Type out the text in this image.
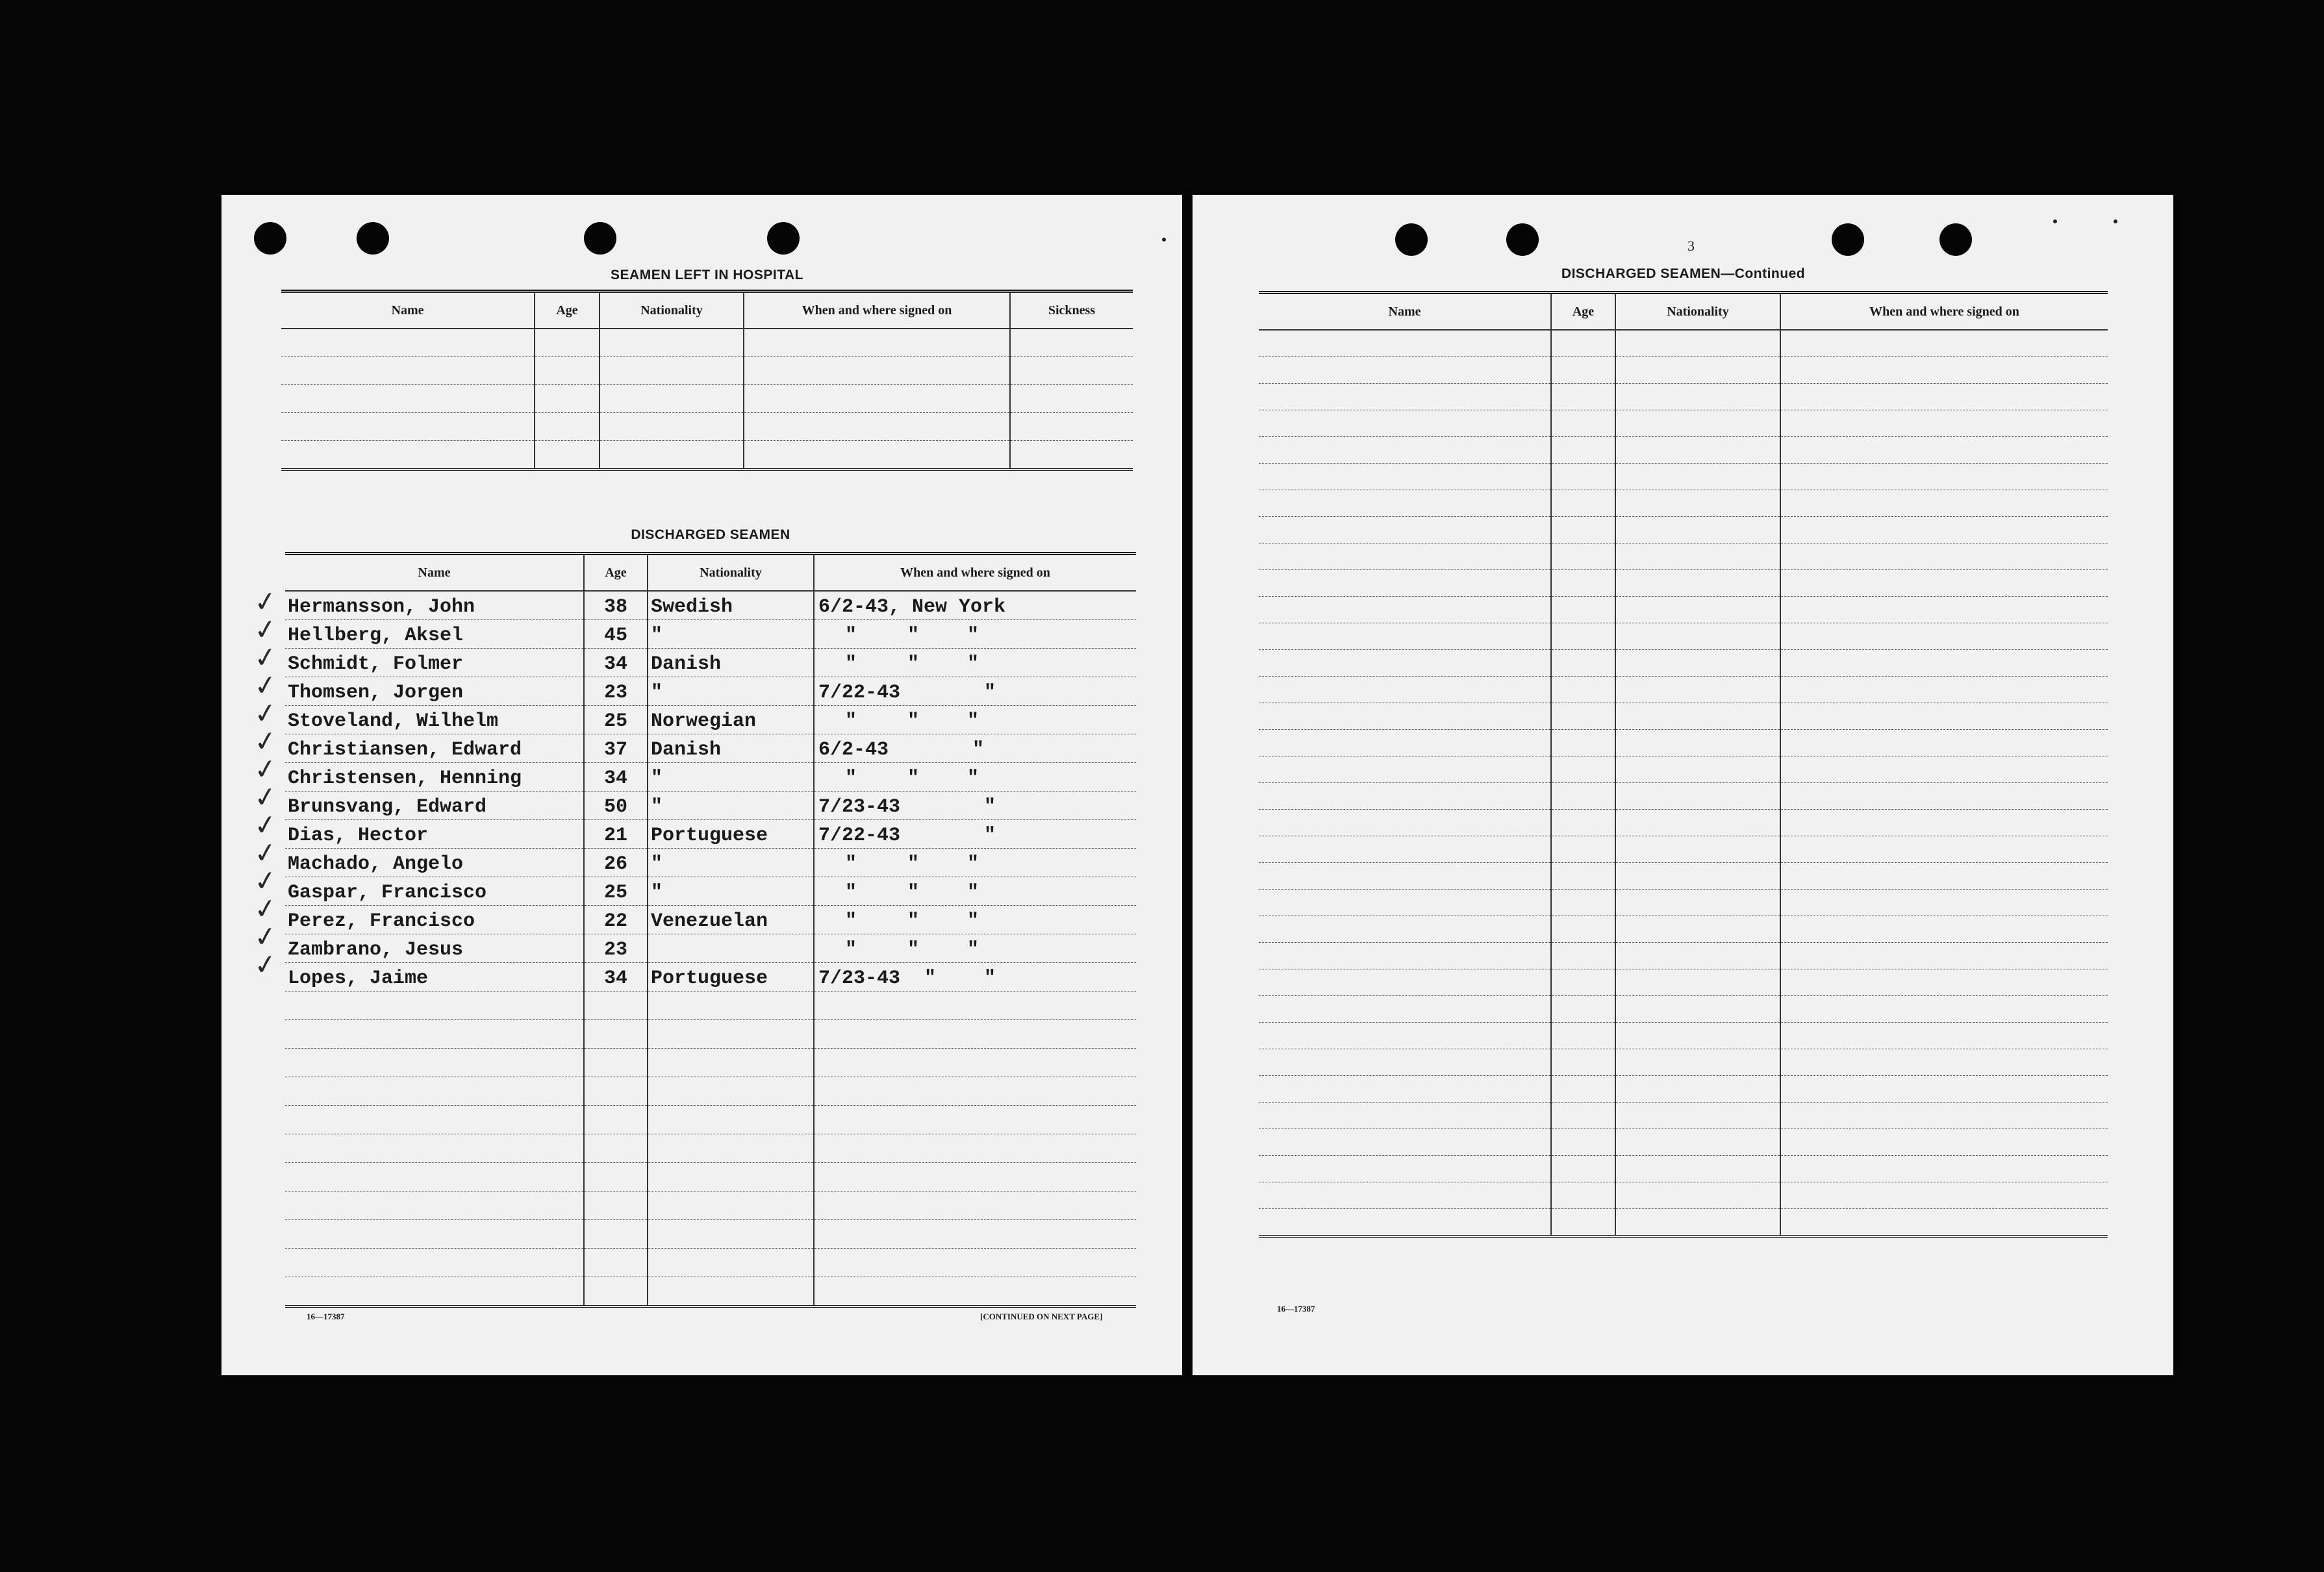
SEAMEN LEFT IN HOSPITAL
Name	Age	Nationality	When and where signed on	Sickness

DISCHARGED SEAMEN
Name	Age	Nationality	When and where signed on
Hermansson, John	38	Swedish	6/2-43, New York
Hellberg, Aksel	45	"	" " "
Schmidt, Folmer	34	Danish	" " "
Thomsen, Jorgen	23	"	7/22-43 "
Stoveland, Wilhelm	25	Norwegian	" " "
Christiansen, Edward	37	Danish	6/2-43 "
Christensen, Henning	34	"	" " "
Brunsvang, Edward	50	"	7/23-43 "
Dias, Hector	21	Portuguese	7/22-43 "
Machado, Angelo	26	"	" " "
Gaspar, Francisco	25	"	" " "
Perez, Francisco	22	Venezuelan	" " "
Zambrano, Jesus	23		" " "
Lopes, Jaime	34	Portuguese	7/23-43 " "

✓
✓
✓
✓
✓
✓
✓
✓
✓
✓
✓
✓
✓
✓
16—17387	[CONTINUED ON NEXT PAGE]
3
DISCHARGED SEAMEN—Continued
Name	Age	Nationality	When and where signed on

16—17387
